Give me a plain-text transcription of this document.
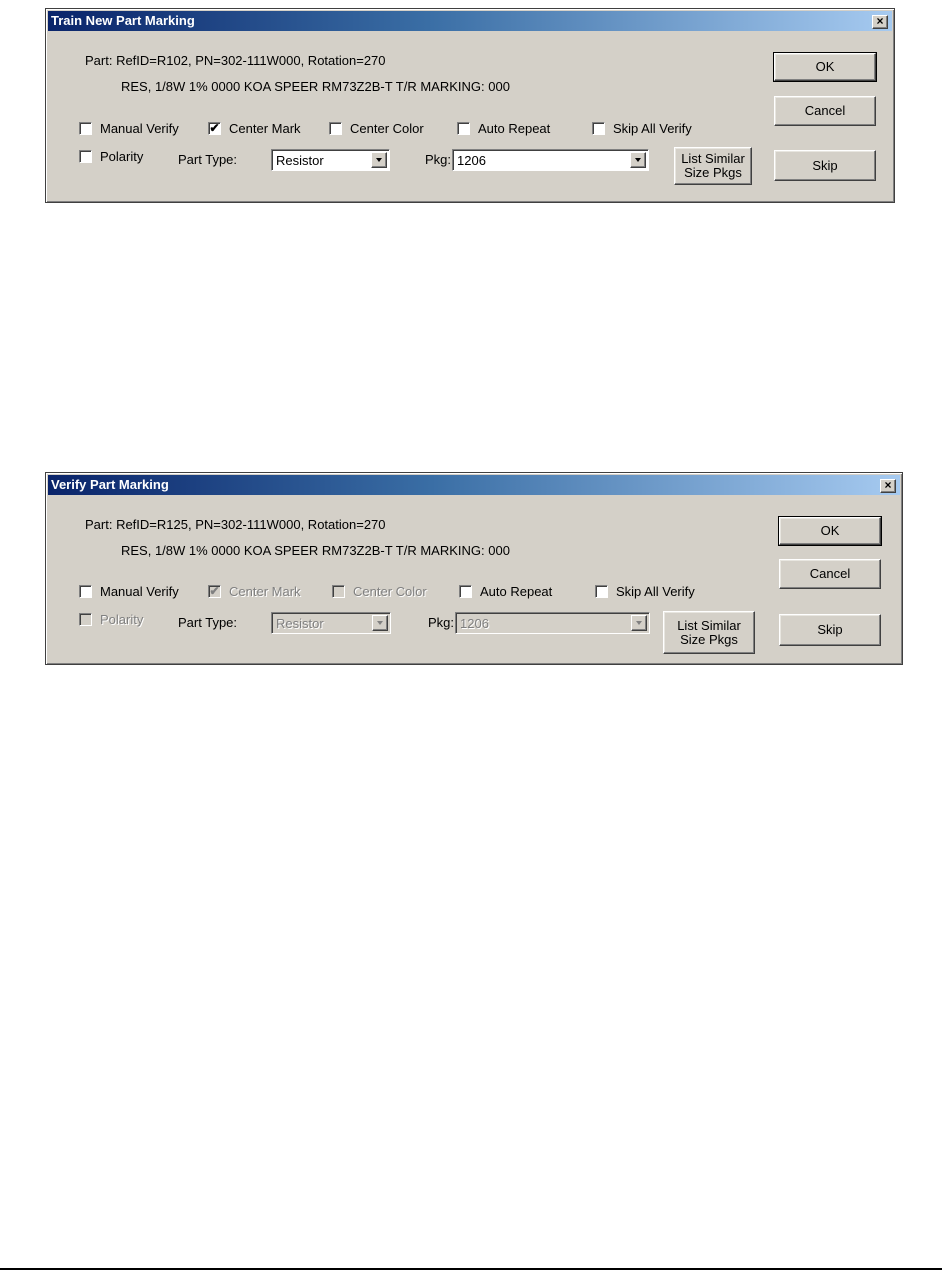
Train New Part Marking	×
Part: RefID=R102, PN=302-111W000, Rotation=270
RES, 1/8W 1% 0000 KOA SPEER RM73Z2B-T T/R MARKING: 000
Manual Verify	✔ Center Mark	Center Color	Auto Repeat	Skip All Verify
Polarity	Part Type:	Resistor	Pkg: 1206	List Similar
Size Pkgs
OK
Cancel
Skip
Verify Part Marking	×
Part: RefID=R125, PN=302-111W000, Rotation=270
RES, 1/8W 1% 0000 KOA SPEER RM73Z2B-T T/R MARKING: 000
Manual Verify	✔ Center Mark	Center Color	Auto Repeat	Skip All Verify
Polarity	Part Type:	Resistor	Pkg: 1206	List Similar
Size Pkgs
OK
Cancel
Skip
